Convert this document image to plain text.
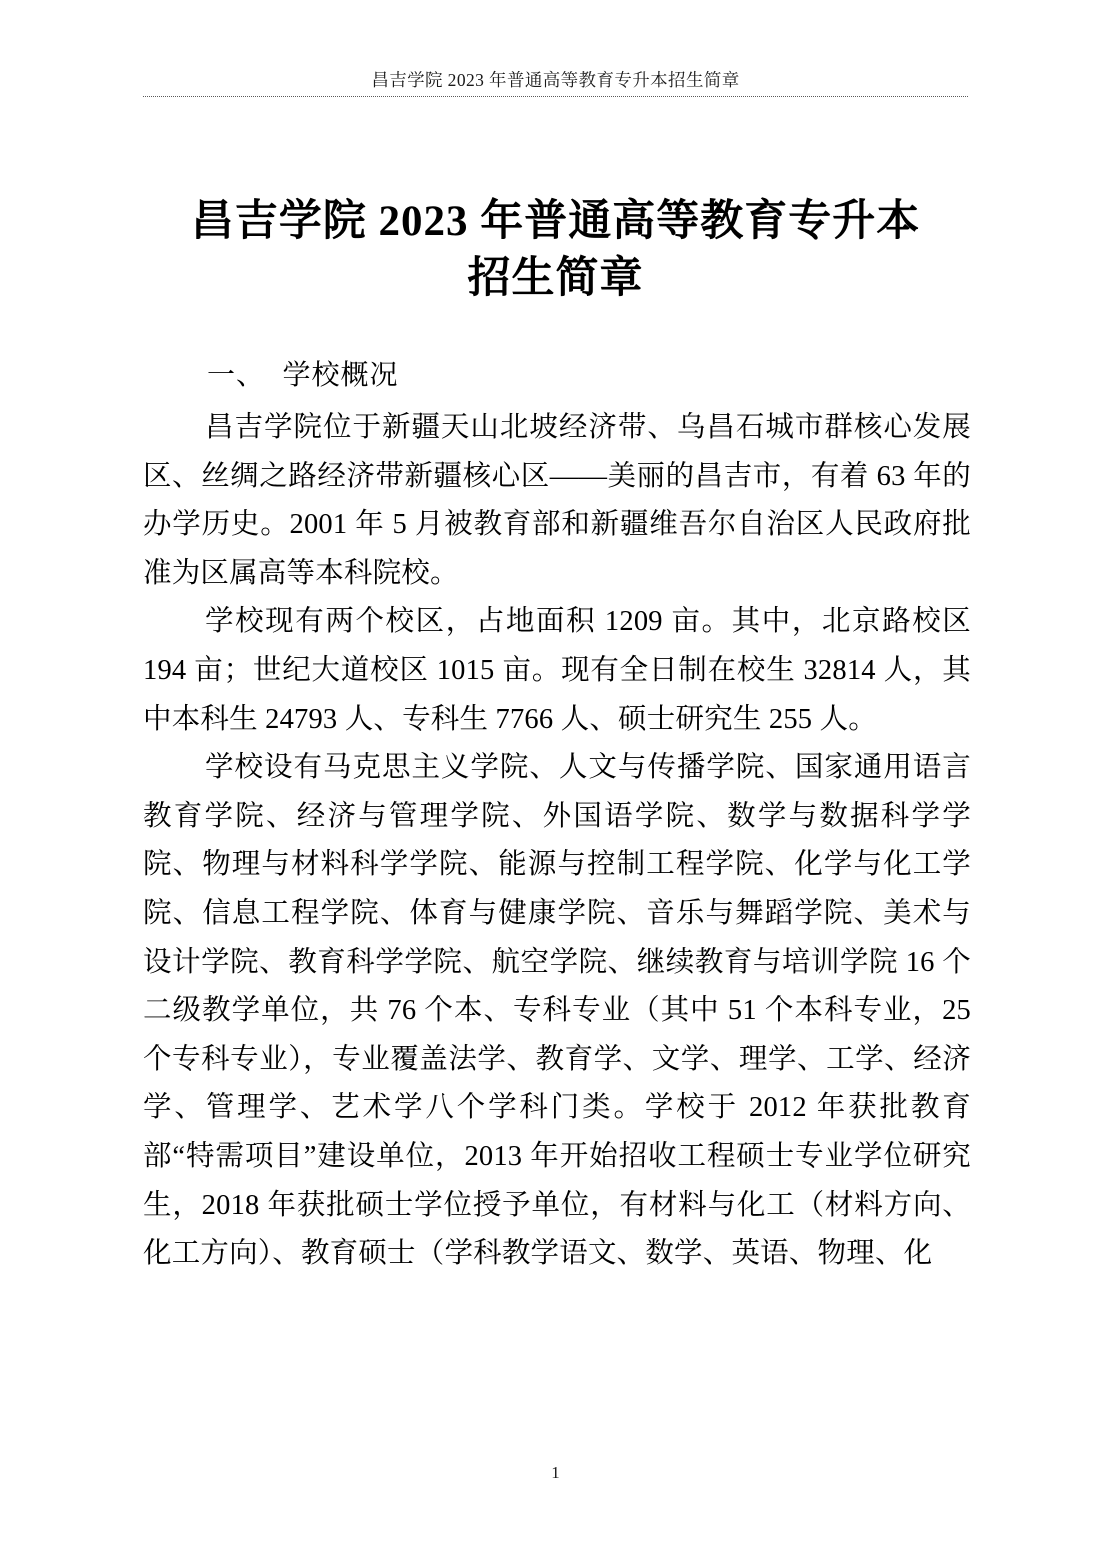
昌吉学院 2023 年普通高等教育专升本招生简章
昌吉学院 2023 年普通高等教育专升本
招生简章
一、  学校概况

昌吉学院位于新疆天山北坡经济带、乌昌石城市群核心发展区、丝绸之路经济带新疆核心区——美丽的昌吉市，有着 63 年的办学历史。2001 年 5 月被教育部和新疆维吾尔自治区人民政府批准为区属高等本科院校。

学校现有两个校区，占地面积 1209 亩。其中，北京路校区 194 亩；世纪大道校区 1015 亩。现有全日制在校生 32814 人，其中本科生 24793 人、专科生 7766 人、硕士研究生 255 人。

学校设有马克思主义学院、人文与传播学院、国家通用语言教育学院、经济与管理学院、外国语学院、数学与数据科学学院、物理与材料科学学院、能源与控制工程学院、化学与化工学院、信息工程学院、体育与健康学院、音乐与舞蹈学院、美术与设计学院、教育科学学院、航空学院、继续教育与培训学院 16 个二级教学单位，共 76 个本、专科专业（其中 51 个本科专业，25 个专科专业），专业覆盖法学、教育学、文学、理学、工学、经济学、管理学、艺术学八个学科门类。学校于 2012 年获批教育部“特需项目”建设单位，2013 年开始招收工程硕士专业学位研究生，2018 年获批硕士学位授予单位，有材料与化工（材料方向、化工方向）、教育硕士（学科教学语文、数学、英语、物理、化

1
